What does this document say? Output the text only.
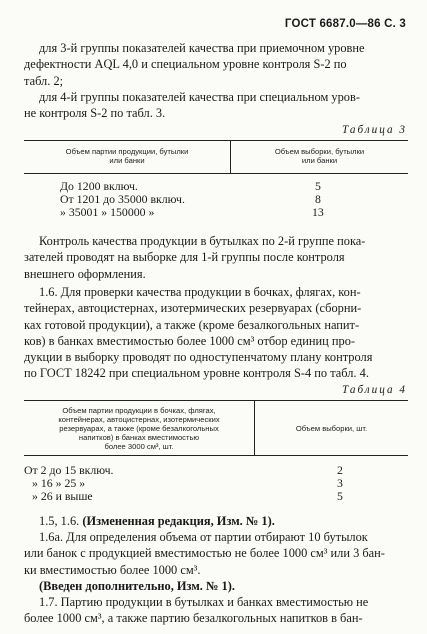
ГОСТ 6687.0—86 С. 3
для 3-й группы показателей качества при приемочном уровне
дефектности AQL 4,0 и специальном уровне контроля S-2 по
табл. 2;
для 4-й группы показателей качества при специальном уров-
не контроля S-2 по табл. 3.
Таблица 3
Объем партии продукции, бутылки
или банки
Объем выборки, бутылки
или банки
До 1200 включ.	5
От 1201 до 35000 включ.	8
» 35001 » 150000 »	13
Контроль качества продукции в бутылках по 2-й группе пока-
зателей проводят на выборке для 1-й группы после контроля
внешнего оформления.
1.6. Для проверки качества продукции в бочках, флягах, кон-
тейнерах, автоцистернах, изотермических резервуарах (сборни-
ках готовой продукции), а также (кроме безалкогольных напит-
ков) в банках вместимостью более 1000 см³ отбор единиц про-
дукции в выборку проводят по одноступенчатому плану контроля
по ГОСТ 18242 при специальном уровне контроля S-4 по табл. 4.
Таблица 4
Объем партии продукции в бочках, флягах,
контейнерах, автоцистернах, изотермических
резервуарах, а также (кроме безалкогольных
напитков) в банках вместимостью
более 3000 см³, шт.
Объем выборки, шт.
От 2 до 15 включ.	2
» 16 » 25 »	3
» 26 и выше	5
1.5, 1.6. (Измененная редакция, Изм. № 1).
1.6а. Для определения объема от партии отбирают 10 бутылок
или банок с продукцией вместимостью не более 1000 см³ или 3 бан-
ки вместимостью более 1000 см³.
(Введен дополнительно, Изм. № 1).
1.7. Партию продукции в бутылках и банках вместимостью не
более 1000 см³, а также партию безалкогольных напитков в бан-
